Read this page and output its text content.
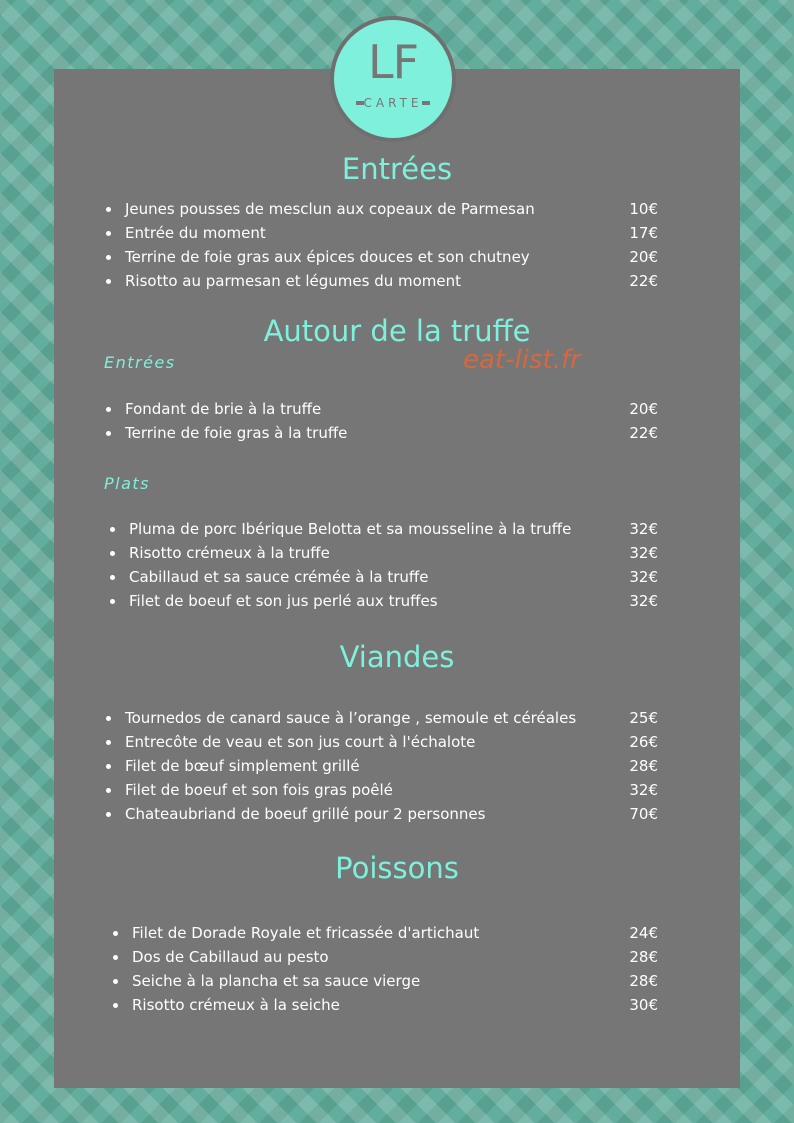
LF
CARTE
Entrées
Jeunes pousses de mesclun aux copeaux de Parmesan	10€
Entrée du moment	17€
Terrine de foie gras aux épices douces et son chutney	20€
Risotto au parmesan et légumes du moment	22€
Autour de la truffe
eat-list.fr
Entrées
Fondant de brie à la truffe	20€
Terrine de foie gras à la truffe	22€
Plats
Pluma de porc Ibérique Belotta et sa mousseline à la truffe	32€
Risotto crémeux à la truffe	32€
Cabillaud et sa sauce crémée à la truffe	32€
Filet de boeuf et son jus perlé aux truffes	32€
Viandes
Tournedos de canard sauce à l’orange , semoule et céréales	25€
Entrecôte de veau et son jus court à l'échalote	26€
Filet de bœuf simplement grillé	28€
Filet de boeuf et son fois gras poêlé	32€
Chateaubriand de boeuf grillé pour 2 personnes	70€
Poissons
Filet de Dorade Royale et fricassée d'artichaut	24€
Dos de Cabillaud au pesto	28€
Seiche à la plancha et sa sauce vierge	28€
Risotto crémeux à la seiche	30€
